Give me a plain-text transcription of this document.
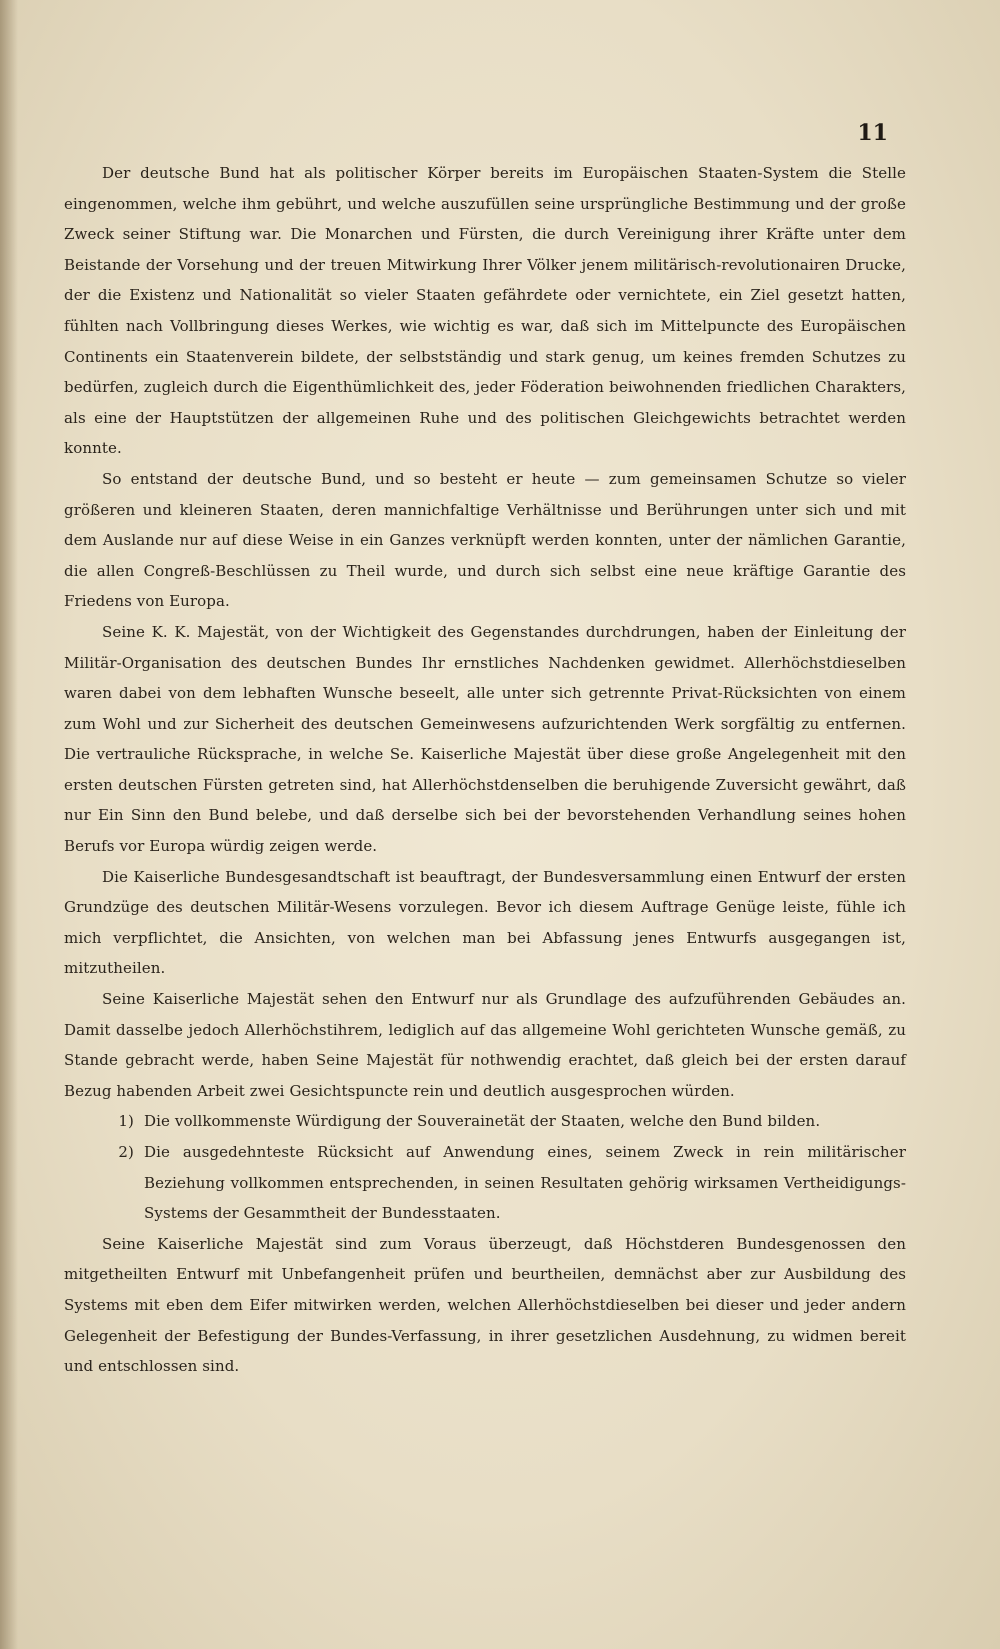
11

Der deutsche Bund hat als politischer Körper bereits im Europäischen Staaten-System die Stelle eingenommen, welche ihm gebührt, und welche auszufüllen seine ursprüngliche Bestimmung und der große Zweck seiner Stiftung war. Die Monarchen und Fürsten, die durch Vereinigung ihrer Kräfte unter dem Beistande der Vorsehung und der treuen Mitwirkung Ihrer Völker jenem militärisch-revolutionairen Drucke, der die Existenz und Nationalität so vieler Staaten gefährdete oder vernichtete, ein Ziel gesetzt hatten, fühlten nach Vollbringung dieses Werkes, wie wichtig es war, daß sich im Mittelpuncte des Europäischen Continents ein Staatenverein bildete, der selbstständig und stark genug, um keines fremden Schutzes zu bedürfen, zugleich durch die Eigenthümlichkeit des, jeder Föderation beiwohnenden friedlichen Charakters, als eine der Hauptstützen der allgemeinen Ruhe und des politischen Gleichgewichts betrachtet werden konnte.

So entstand der deutsche Bund, und so besteht er heute — zum gemeinsamen Schutze so vieler größeren und kleineren Staaten, deren mannichfaltige Verhältnisse und Berührungen unter sich und mit dem Auslande nur auf diese Weise in ein Ganzes verknüpft werden konnten, unter der nämlichen Garantie, die allen Congreß-Beschlüssen zu Theil wurde, und durch sich selbst eine neue kräftige Garantie des Friedens von Europa.

Seine K. K. Majestät, von der Wichtigkeit des Gegenstandes durchdrungen, haben der Einleitung der Militär-Organisation des deutschen Bundes Ihr ernstliches Nachdenken gewidmet. Allerhöchstdieselben waren dabei von dem lebhaften Wunsche beseelt, alle unter sich getrennte Privat-Rücksichten von einem zum Wohl und zur Sicherheit des deutschen Gemeinwesens aufzurichtenden Werk sorgfältig zu entfernen. Die vertrauliche Rücksprache, in welche Se. Kaiserliche Majestät über diese große Angelegenheit mit den ersten deutschen Fürsten getreten sind, hat Allerhöchstdenselben die beruhigende Zuversicht gewährt, daß nur Ein Sinn den Bund belebe, und daß derselbe sich bei der bevorstehenden Verhandlung seines hohen Berufs vor Europa würdig zeigen werde.

Die Kaiserliche Bundesgesandtschaft ist beauftragt, der Bundesversammlung einen Entwurf der ersten Grundzüge des deutschen Militär-Wesens vorzulegen. Bevor ich diesem Auftrage Genüge leiste, fühle ich mich verpflichtet, die Ansichten, von welchen man bei Abfassung jenes Entwurfs ausgegangen ist, mitzutheilen.

Seine Kaiserliche Majestät sehen den Entwurf nur als Grundlage des aufzuführenden Gebäudes an. Damit dasselbe jedoch Allerhöchstihrem, lediglich auf das allgemeine Wohl gerichteten Wunsche gemäß, zu Stande gebracht werde, haben Seine Majestät für nothwendig erachtet, daß gleich bei der ersten darauf Bezug habenden Arbeit zwei Gesichtspuncte rein und deutlich ausgesprochen würden.

1) Die vollkommenste Würdigung der Souverainetät der Staaten, welche den Bund bilden.
2) Die ausgedehnteste Rücksicht auf Anwendung eines, seinem Zweck in rein militärischer Beziehung vollkommen entsprechenden, in seinen Resultaten gehörig wirksamen Vertheidigungs-Systems der Gesammtheit der Bundesstaaten.

Seine Kaiserliche Majestät sind zum Voraus überzeugt, daß Höchstderen Bundesgenossen den mitgetheilten Entwurf mit Unbefangenheit prüfen und beurtheilen, demnächst aber zur Ausbildung des Systems mit eben dem Eifer mitwirken werden, welchen Allerhöchstdieselben bei dieser und jeder andern Gelegenheit der Befestigung der Bundes-Verfassung, in ihrer gesetzlichen Ausdehnung, zu widmen bereit und entschlossen sind.
